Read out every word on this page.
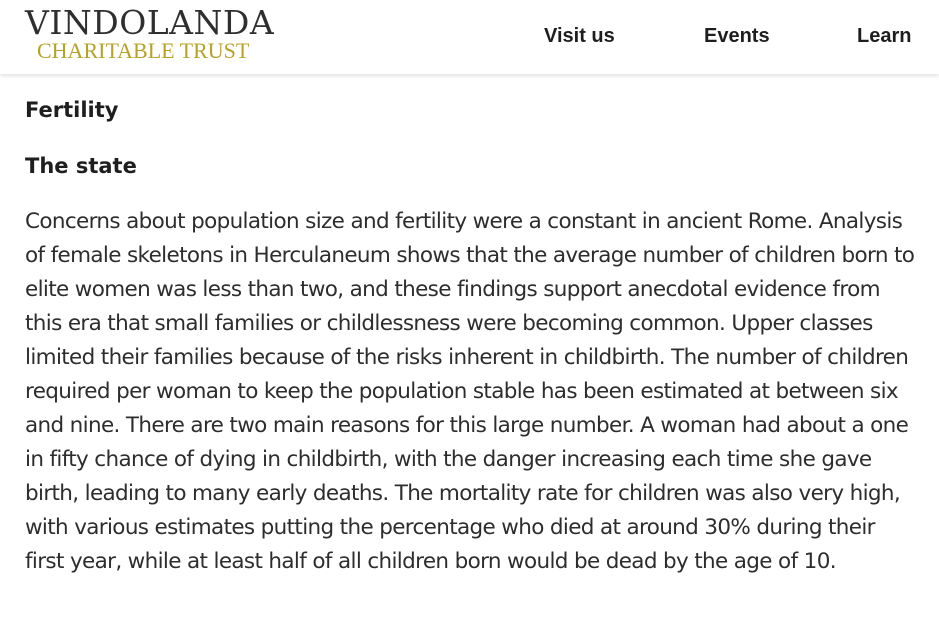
VINDOLANDA
CHARITABLE TRUST
Visit us	Events	Learn
Fertility
The state

Concerns about population size and fertility were a constant in ancient Rome. Analysis of female skeletons in Herculaneum shows that the average number of children born to elite women was less than two, and these findings support anecdotal evidence from this era that small families or childlessness were becoming common. Upper classes limited their families because of the risks inherent in childbirth. The number of children required per woman to keep the population stable has been estimated at between six and nine. There are two main reasons for this large number. A woman had about a one in fifty chance of dying in childbirth, with the danger increasing each time she gave birth, leading to many early deaths. The mortality rate for children was also very high, with various estimates putting the percentage who died at around 30% during their first year, while at least half of all children born would be dead by the age of 10.
